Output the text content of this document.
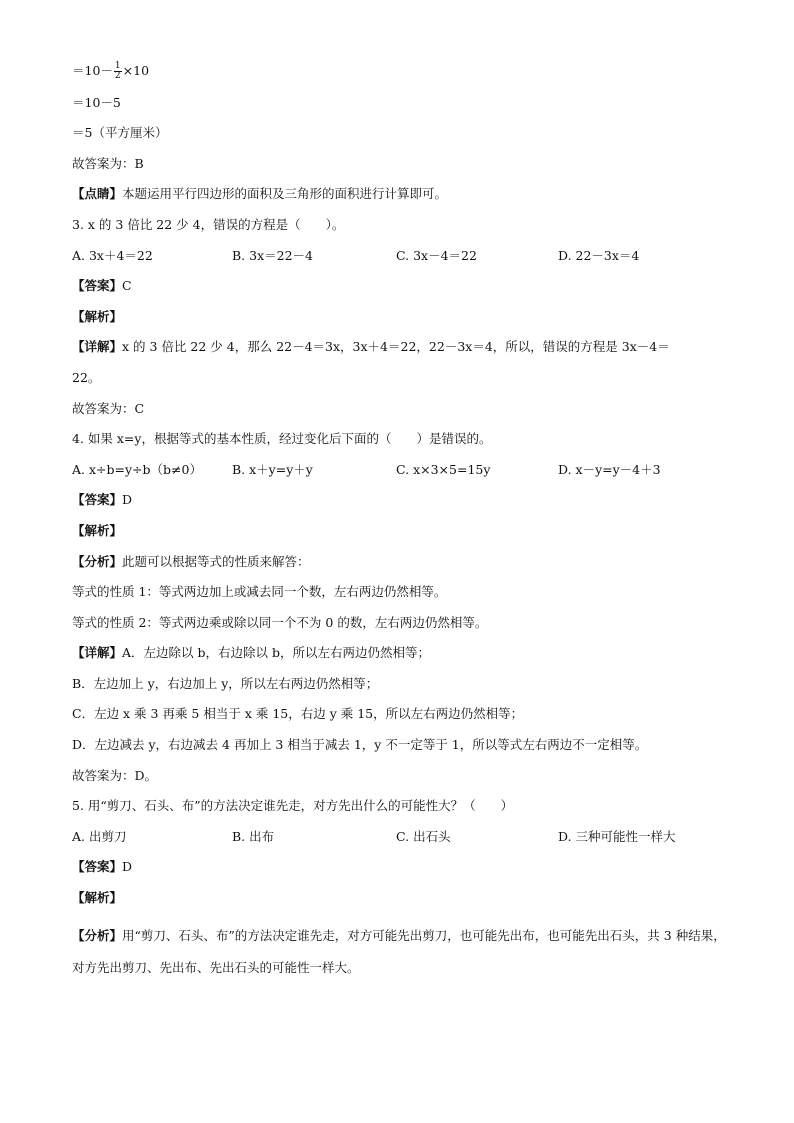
$=10- \frac{1}{2} \times 10$
＝10－5
＝5（平方厘米）
故答案为：B
【点睛】本题运用平行四边形的面积及三角形的面积进行计算即可。
3. x 的 3 倍比 22 少 4，错误的方程是（　　）。
A. 3x＋4＝22	B. 3x＝22－4	C. 3x－4＝22	D. 22－3x＝4
【答案】C
【解析】
【详解】x 的 3 倍比 22 少 4，那么 22－4＝3x，3x＋4＝22，22－3x＝4，所以，错误的方程是 3x－4＝
22。
故答案为：C
4. 如果 x=y，根据等式的基本性质，经过变化后下面的（　　）是错误的。
A. x÷b=y÷b（b≠0） B. x＋y=y＋y	C. x×3×5=15y	D. x－y=y－4＋3
【答案】D
【解析】
【分析】此题可以根据等式的性质来解答：
等式的性质 1：等式两边加上或减去同一个数，左右两边仍然相等。
等式的性质 2：等式两边乘或除以同一个不为 0 的数，左右两边仍然相等。
【详解】A．左边除以 b，右边除以 b，所以左右两边仍然相等；
B．左边加上 y，右边加上 y，所以左右两边仍然相等；
C．左边 x 乘 3 再乘 5 相当于 x 乘 15，右边 y 乘 15，所以左右两边仍然相等；
D．左边减去 y，右边减去 4 再加上 3 相当于减去 1，y 不一定等于 1，所以等式左右两边不一定相等。
故答案为：D。
5. 用“剪刀、石头、布”的方法决定谁先走，对方先出什么的可能性大？（　　）
A. 出剪刀	B. 出布	C. 出石头	D. 三种可能性一样大
【答案】D
【解析】
【分析】用“剪刀、石头、布”的方法决定谁先走，对方可能先出剪刀，也可能先出布，也可能先出石头，共 3 种结果，对方先出剪刀、先出布、先出石头的可能性一样大。
